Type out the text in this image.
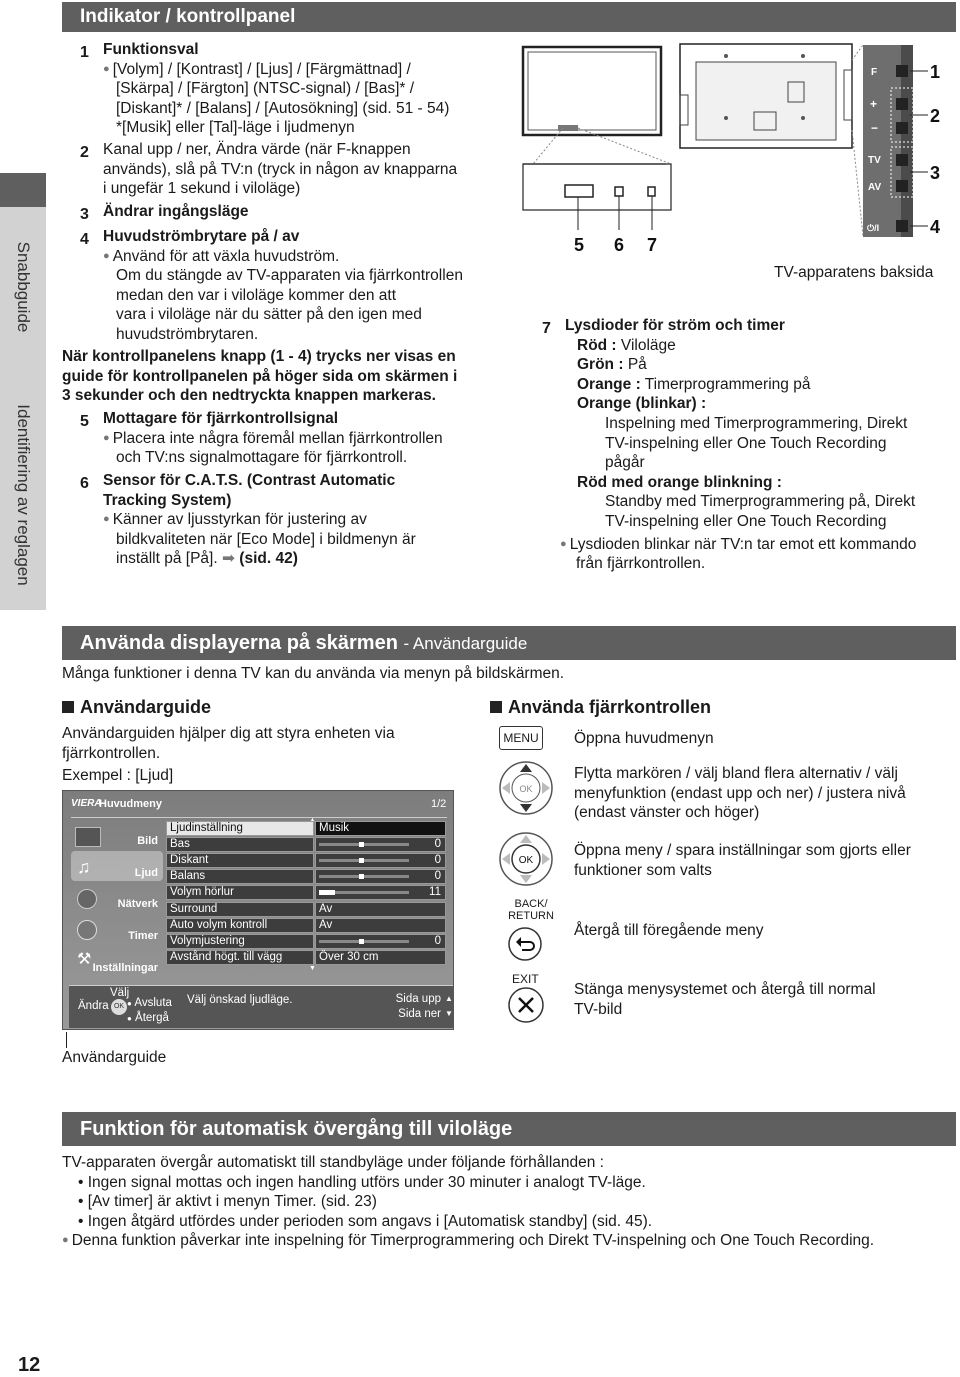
Snabbguide
Identifiering av reglagen
Indikator / kontrollpanel
1 Funktionsval
● [Volym] / [Kontrast] / [Ljus] / [Färgmättnad] /
[Skärpa] / [Färgton] (NTSC-signal) / [Bas]* /
[Diskant]* / [Balans] / [Autosökning] (sid. 51 - 54)
*[Musik] eller [Tal]-läge i ljudmenyn
2 Kanal upp / ner, Ändra värde (när F-knappen
används), slå på TV:n (tryck in någon av knapparna
i ungefär 1 sekund i viloläge)
3 Ändrar ingångsläge
4 Huvudströmbrytare på / av
● Använd för att växla huvudström.
Om du stängde av TV-apparaten via fjärrkontrollen
medan den var i viloläge kommer den att
vara i viloläge när du sätter på den igen med
huvudströmbrytaren.
När kontrollpanelens knapp (1 - 4) trycks ner visas en
guide för kontrollpanelen på höger sida om skärmen i
3 sekunder och den nedtryckta knappen markeras.
5 Mottagare för fjärrkontrollsignal
● Placera inte några föremål mellan fjärrkontrollen
och TV:ns signalmottagare för fjärrkontroll.
6 Sensor för C.A.T.S. (Contrast Automatic
Tracking System)
● Känner av ljusstyrkan för justering av
bildkvaliteten när [Eco Mode] i bildmenyn är
inställt på [På]. ➡ (sid. 42)
5 6 7
F
+
−
TV
AV
⏻/I
1
2
3
4
TV-apparatens baksida
7 Lysdioder för ström och timer
Röd : Viloläge
Grön : På
Orange : Timerprogrammering på
Orange (blinkar) :
Inspelning med Timerprogrammering, Direkt
TV-inspelning eller One Touch Recording
pågår
Röd med orange blinkning :
Standby med Timerprogrammering på, Direkt
TV-inspelning eller One Touch Recording
● Lysdioden blinkar när TV:n tar emot ett kommando
från fjärrkontrollen.
Använda displayerna på skärmen - Användarguide
Många funktioner i denna TV kan du använda via menyn på bildskärmen.
Användarguide
Användarguiden hjälper dig att styra enheten via
fjärrkontrollen.
Exempel : [Ljud]
VIERA
Huvudmeny	1/2
♫
⚒
Bild
Ljud
Nätverk
Timer
Inställningar	▼
Välj
Ändra OK ● Avsluta
● Återgå
Välj önskad ljudläge.	Sida upp
Sida ner
▲
▼
Ljudinställning	Musik
Bas	0
Diskant	0
Balans	0
Volym hörlur	11
Surround	Av
Auto volym kontroll	Av
Volymjustering	0
Avstånd högt. till vägg	Över 30 cm
Användarguide
Använda fjärrkontrollen
MENU Öppna huvudmenyn
OK
Flytta markören / välj bland flera alternativ / välj
menyfunktion (endast upp och ner) / justera nivå
(endast vänster och höger)
OK
Öppna meny / spara inställningar som gjorts eller
funktioner som valts
BACK/ RETURN
Återgå till föregående meny
EXIT
Stänga menysystemet och återgå till normal
TV-bild
Funktion för automatisk övergång till viloläge
TV-apparaten övergår automatiskt till standbyläge under följande förhållanden :
• Ingen signal mottas och ingen handling utförs under 30 minuter i analogt TV-läge.
• [Av timer] är aktivt i menyn Timer. (sid. 23)
• Ingen åtgärd utfördes under perioden som angavs i [Automatisk standby] (sid. 45).
● Denna funktion påverkar inte inspelning för Timerprogrammering och Direkt TV-inspelning och One Touch Recording.
12
